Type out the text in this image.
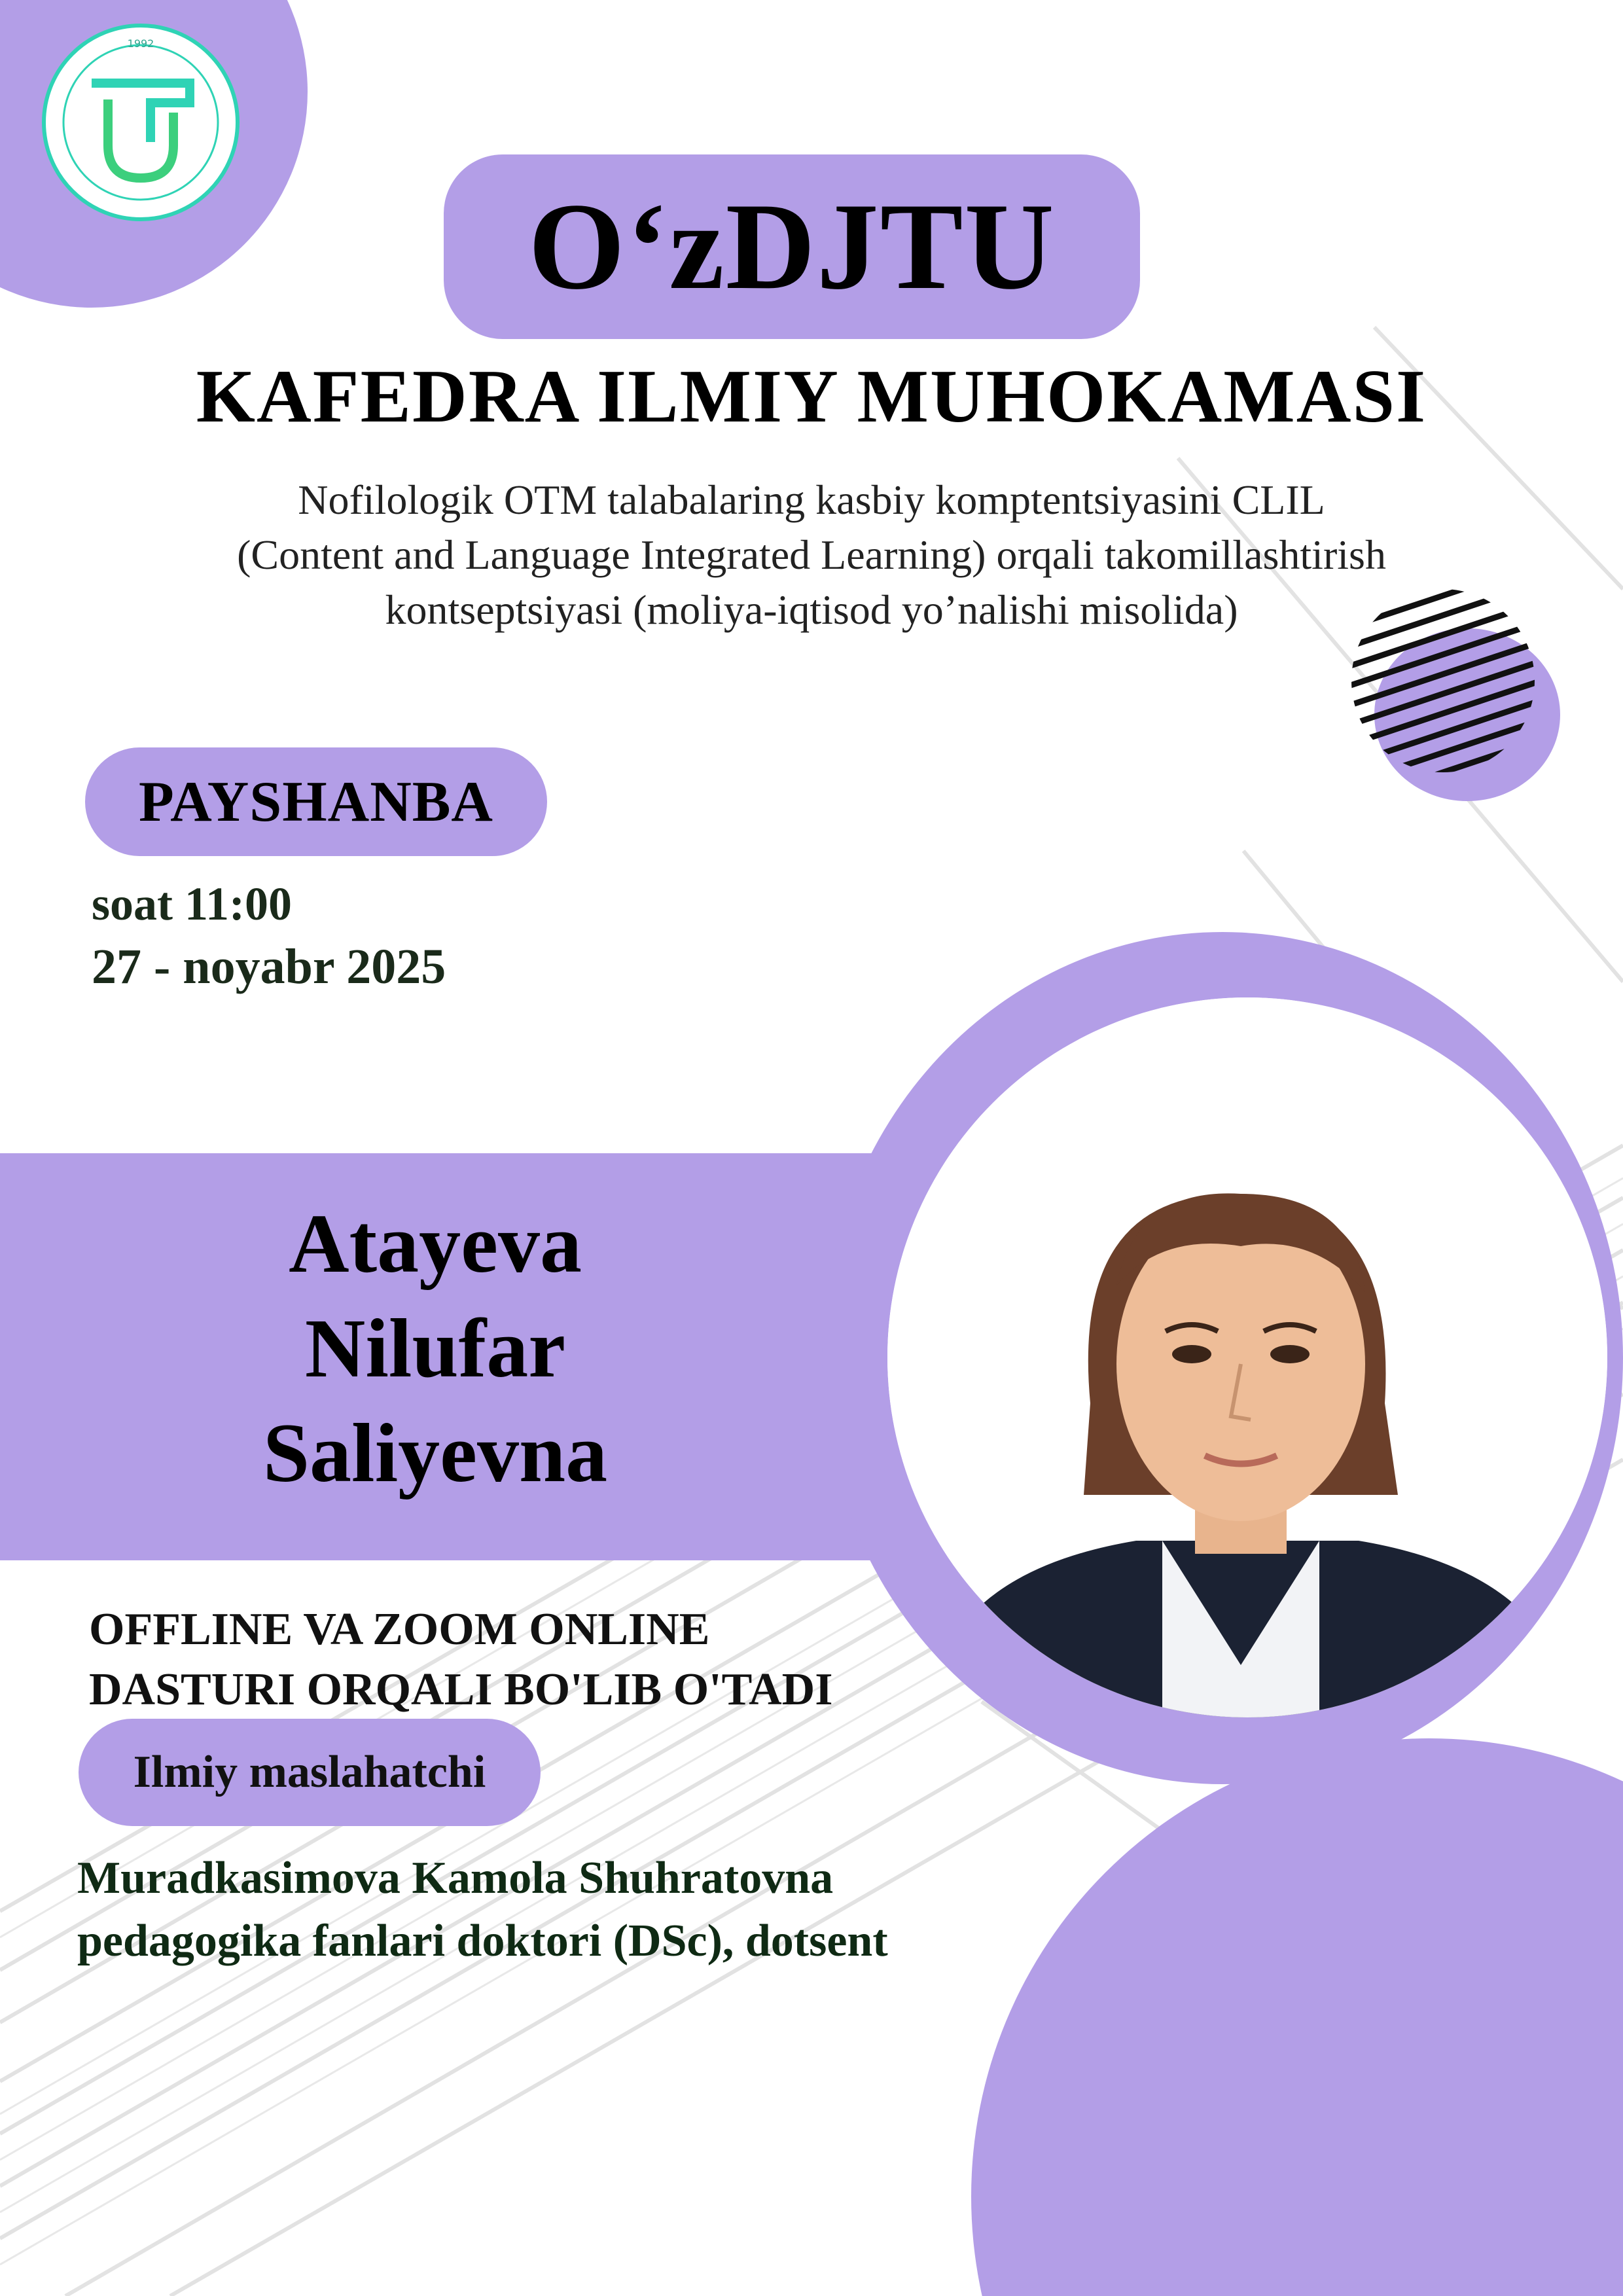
1992
O‘zDJTU
KAFEDRA ILMIY MUHOKAMASI
Nofilologik OTM talabalaring kasbiy komptentsiyasini CLIL
(Content and Language Integrated Learning) orqali takomillashtirish
kontseptsiyasi (moliya-iqtisod yo’nalishi misolida)
PAYSHANBA
soat 11:00
27 - noyabr 2025
Atayeva
Nilufar
Saliyevna
OFFLINE VA ZOOM ONLINE
DASTURI ORQALI BO'LIB O'TADI
Ilmiy maslahatchi
Muradkasimova Kamola Shuhratovna
pedagogika fanlari doktori (DSc), dotsent
